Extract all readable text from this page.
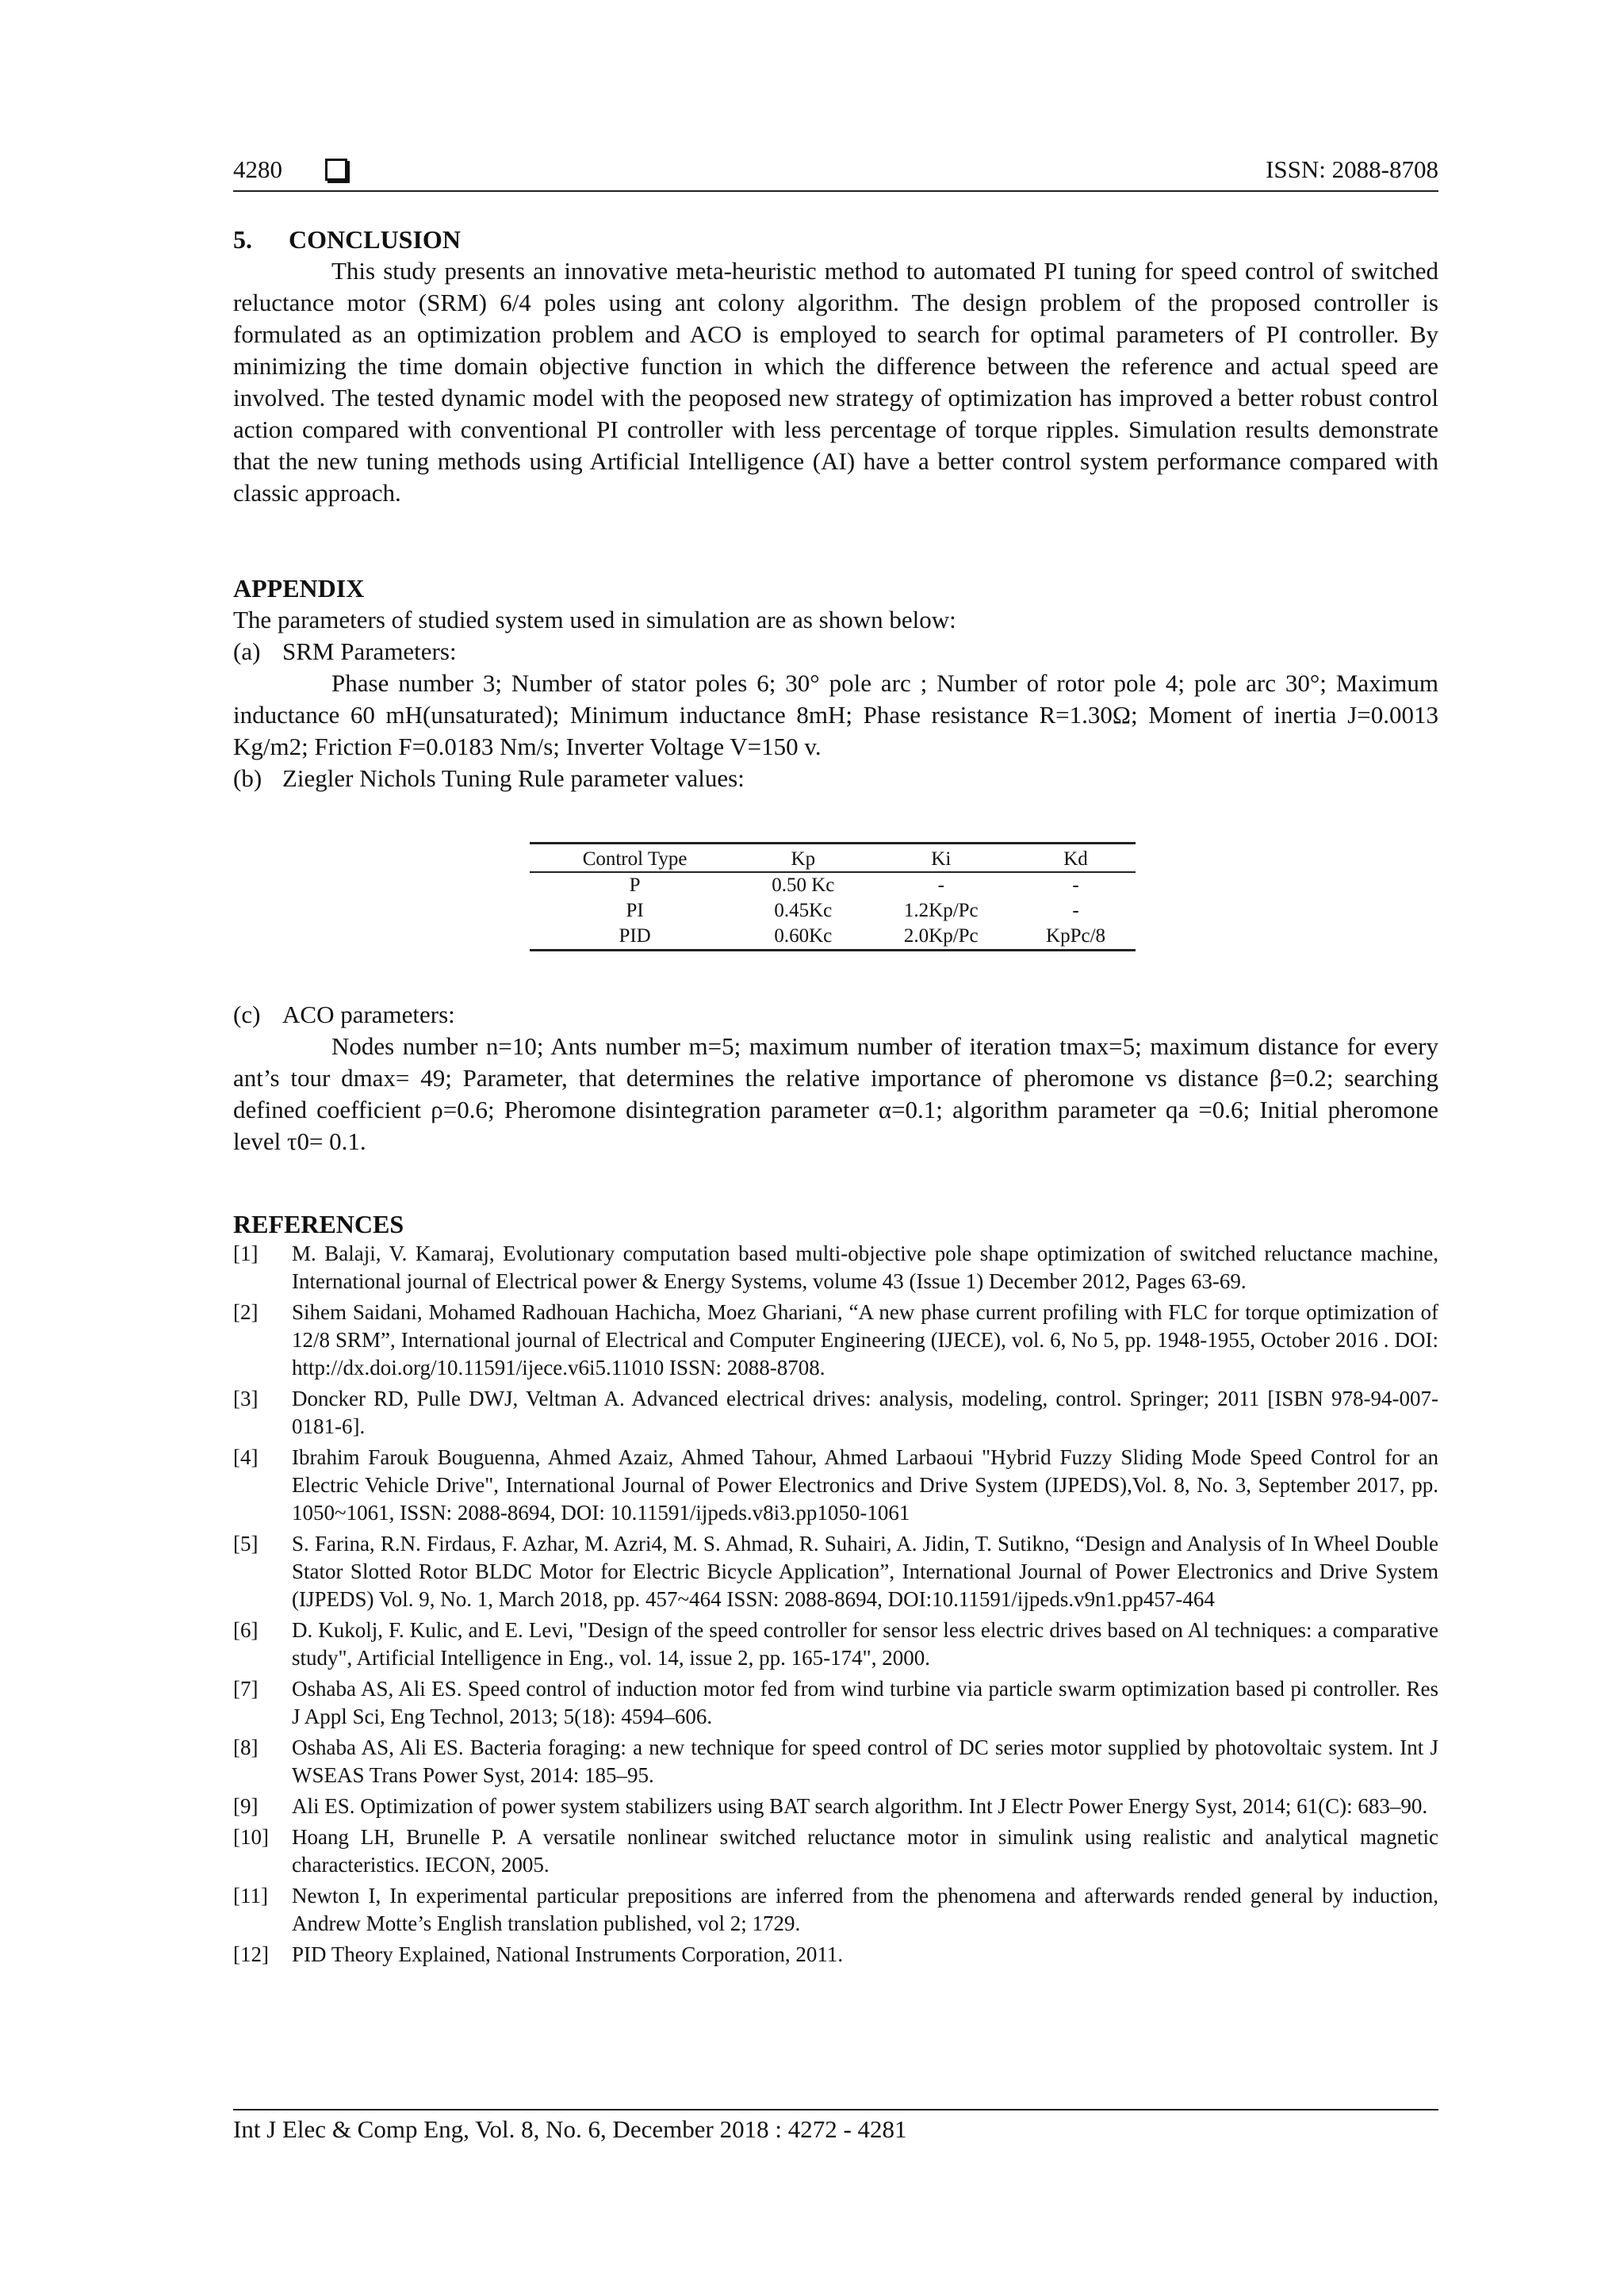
4280	ISSN: 2088-8708
5. CONCLUSION

This study presents an innovative meta-heuristic method to automated PI tuning for speed control of switched reluctance motor (SRM) 6/4 poles using ant colony algorithm. The design problem of the proposed controller is formulated as an optimization problem and ACO is employed to search for optimal parameters of PI controller. By minimizing the time domain objective function in which the difference between the reference and actual speed are involved. The tested dynamic model with the peoposed new strategy of optimization has improved a better robust control action compared with conventional PI controller with less percentage of torque ripples. Simulation results demonstrate that the new tuning methods using Artificial Intelligence (AI) have a better control system performance compared with classic approach.

APPENDIX

The parameters of studied system used in simulation are as shown below:

(a) SRM Parameters:

Phase number 3; Number of stator poles 6; 30° pole arc ; Number of rotor pole 4; pole arc 30°; Maximum inductance 60 mH(unsaturated); Minimum inductance 8mH; Phase resistance R=1.30Ω; Moment of inertia J=0.0013 Kg/m2; Friction F=0.0183 Nm/s; Inverter Voltage V=150 v.

(b) Ziegler Nichols Tuning Rule parameter values:
Control Type	Kp	Ki	Kd
P	0.50 Kc	-	-
PI	0.45Kc	1.2Kp/Pc	-
PID	0.60Kc	2.0Kp/Pc	KpPc/8
(c) ACO parameters:

Nodes number n=10; Ants number m=5; maximum number of iteration tmax=5; maximum distance for every ant’s tour dmax= 49; Parameter, that determines the relative importance of pheromone vs distance β=0.2; searching defined coefficient ρ=0.6; Pheromone disintegration parameter α=0.1; algorithm parameter qa =0.6; Initial pheromone level τ0= 0.1.

REFERENCES
[1] M. Balaji, V. Kamaraj, Evolutionary computation based multi-objective pole shape optimization of switched reluctance machine, International journal of Electrical power & Energy Systems, volume 43 (Issue 1) December 2012, Pages 63-69.
[2] Sihem Saidani, Mohamed Radhouan Hachicha, Moez Ghariani, “A new phase current profiling with FLC for torque optimization of 12/8 SRM”, International journal of Electrical and Computer Engineering (IJECE), vol. 6, No 5, pp. 1948-1955, October 2016 . DOI: http://dx.doi.org/10.11591/ijece.v6i5.11010 ISSN: 2088-8708.
[3] Doncker RD, Pulle DWJ, Veltman A. Advanced electrical drives: analysis, modeling, control. Springer; 2011 [ISBN 978-94-007-0181-6].
[4] Ibrahim Farouk Bouguenna, Ahmed Azaiz, Ahmed Tahour, Ahmed Larbaoui "Hybrid Fuzzy Sliding Mode Speed Control for an Electric Vehicle Drive", International Journal of Power Electronics and Drive System (IJPEDS),Vol. 8, No. 3, September 2017, pp. 1050~1061, ISSN: 2088-8694, DOI: 10.11591/ijpeds.v8i3.pp1050-1061
[5] S. Farina, R.N. Firdaus, F. Azhar, M. Azri4, M. S. Ahmad, R. Suhairi, A. Jidin, T. Sutikno, “Design and Analysis of In Wheel Double Stator Slotted Rotor BLDC Motor for Electric Bicycle Application”, International Journal of Power Electronics and Drive System (IJPEDS) Vol. 9, No. 1, March 2018, pp. 457~464 ISSN: 2088-8694, DOI:10.11591/ijpeds.v9n1.pp457-464
[6] D. Kukolj, F. Kulic, and E. Levi, "Design of the speed controller for sensor less electric drives based on Al techniques: a comparative study", Artificial Intelligence in Eng., vol. 14, issue 2, pp. 165-174", 2000.
[7] Oshaba AS, Ali ES. Speed control of induction motor fed from wind turbine via particle swarm optimization based pi controller. Res J Appl Sci, Eng Technol, 2013; 5(18): 4594–606.
[8] Oshaba AS, Ali ES. Bacteria foraging: a new technique for speed control of DC series motor supplied by photovoltaic system. Int J WSEAS Trans Power Syst, 2014: 185–95.
[9] Ali ES. Optimization of power system stabilizers using BAT search algorithm. Int J Electr Power Energy Syst, 2014; 61(C): 683–90.
[10] Hoang LH, Brunelle P. A versatile nonlinear switched reluctance motor in simulink using realistic and analytical magnetic characteristics. IECON, 2005.
[11] Newton I, In experimental particular prepositions are inferred from the phenomena and afterwards rended general by induction, Andrew Motte’s English translation published, vol 2; 1729.
[12] PID Theory Explained, National Instruments Corporation, 2011.
Int J Elec & Comp Eng, Vol. 8, No. 6, December 2018 : 4272 - 4281
